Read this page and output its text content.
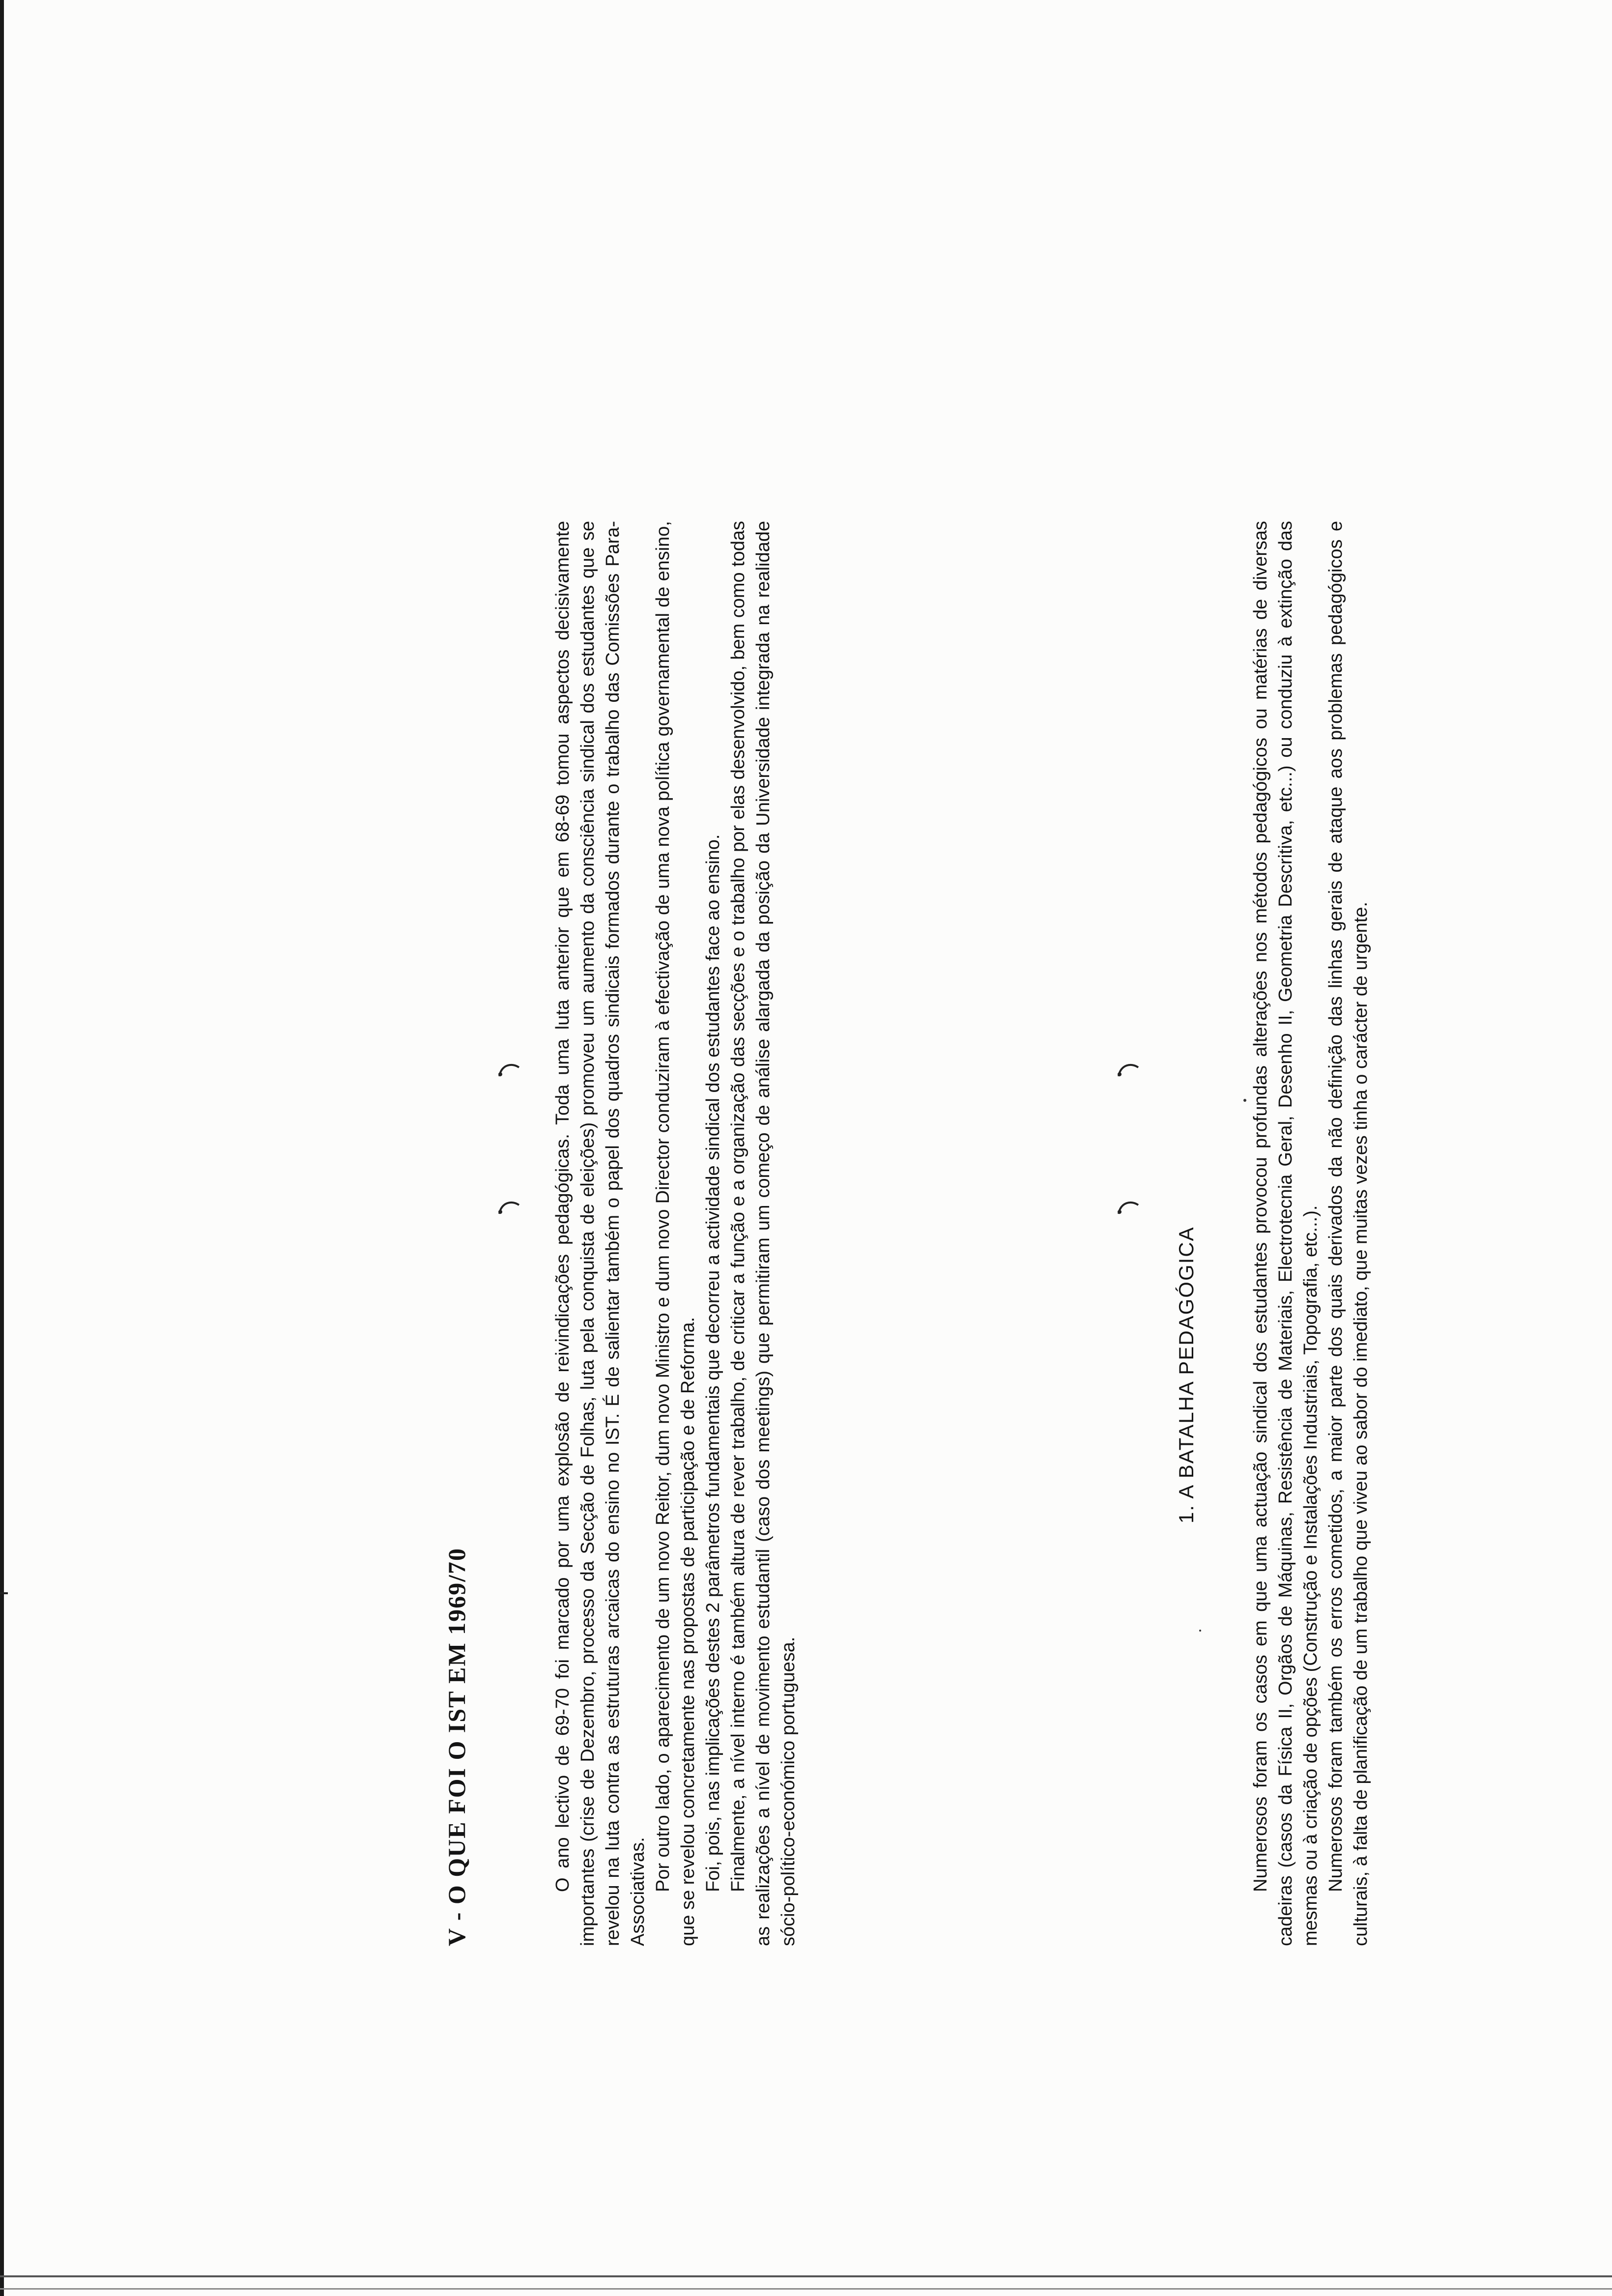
V - O QUE FOI O IST EM 1969/70	O ano lectivo de 69-70 foi marcado por uma explosão de reivindicações pedagógicas. Toda uma luta anterior que em 68-69 tomou aspectos decisivamente importantes (crise de Dezembro, processo da Secção de Folhas, luta pela conquista de eleições) promoveu um aumento da consciência sindical dos estudantes que se revelou na luta contra as estruturas arcaicas do ensino no IST. É de salientar também o papel dos quadros sindicais formados durante o trabalho das Comissões Para-Associativas. Por outro lado, o aparecimento de um novo Reitor, dum novo Ministro e dum novo Director conduziram à efectivação de uma nova política governamental de ensino, que se revelou concretamente nas propostas de participação e de Reforma. Foi, pois, nas implicações destes 2 parâmetros fundamentais que decorreu a actividade sindical dos estudantes face ao ensino. Finalmente, a nível interno é também altura de rever trabalho, de criticar a função e a organização das secções e o trabalho por elas desenvolvido, bem como todas as realizações a nível de movimento estudantil (caso dos meetings) que permitiram um começo de análise alargada da posição da Universidade integrada na realidade sócio-político-económico portuguesa.

1. A BATALHA PEDAGÓGICA	Numerosos foram os casos em que uma actuação sindical dos estudantes provocou profundas alterações nos métodos pedagógicos ou matérias de diversas cadeiras (casos da Física II, Orgãos de Máquinas, Resistência de Materiais, Electrotecnia Geral, Desenho II, Geometria Descritiva, etc...) ou conduziu à extinção das mesmas ou à criação de opções (Construção e Instalações Industriais, Topografia, etc...). Numerosos foram também os erros cometidos, a maior parte dos quais derivados da não definição das linhas gerais de ataque aos problemas pedagógicos e culturais, à falta de planificação de um trabalho que viveu ao sabor do imediato, que muitas vezes tinha o carácter de urgente.
